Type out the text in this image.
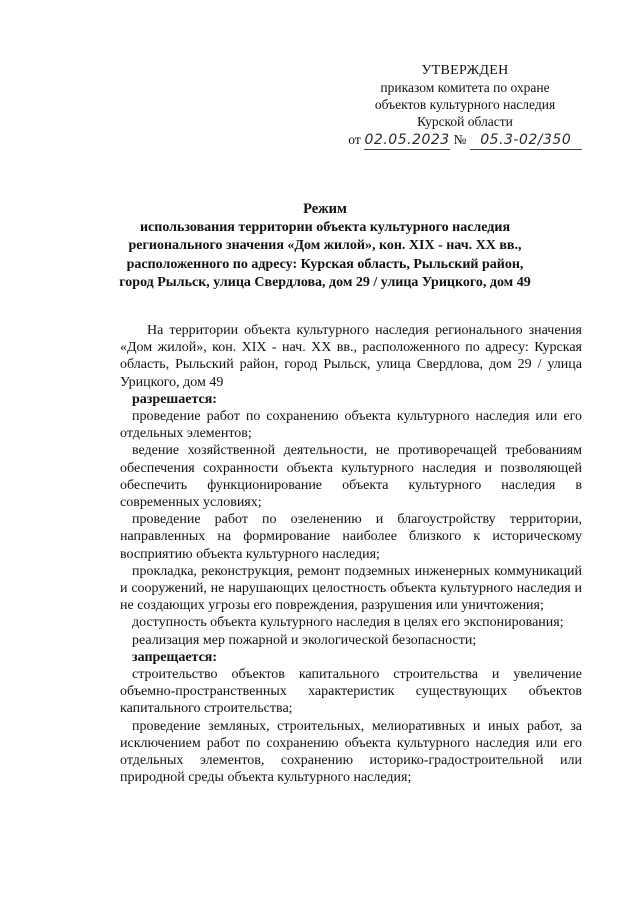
УТВЕРЖДЕН
приказом комитета по охране
объектов культурного наследия
Курской области
от 02.05.2023 № 05.3-02/350
Режим
использования территории объекта культурного наследия
регионального значения «Дом жилой», кон. XIX - нач. XX вв.,
расположенного по адресу: Курская область, Рыльский район,
город Рыльск, улица Свердлова, дом 29 / улица Урицкого, дом 49

На территории объекта культурного наследия регионального значения «Дом жилой», кон. XIX - нач. XX вв., расположенного по адресу: Курская область, Рыльский район, город Рыльск, улица Свердлова, дом 29 / улица Урицкого, дом 49

разрешается:

проведение работ по сохранению объекта культурного наследия или его отдельных элементов;

ведение хозяйственной деятельности, не противоречащей требованиям обеспечения сохранности объекта культурного наследия и позволяющей обеспечить функционирование объекта культурного наследия в современных условиях;

проведение работ по озеленению и благоустройству территории, направленных на формирование наиболее близкого к историческому восприятию объекта культурного наследия;

прокладка, реконструкция, ремонт подземных инженерных коммуникаций и сооружений, не нарушающих целостность объекта культурного наследия и не создающих угрозы его повреждения, разрушения или уничтожения;

доступность объекта культурного наследия в целях его экспонирования;

реализация мер пожарной и экологической безопасности;

запрещается:

строительство объектов капитального строительства и увеличение объемно-пространственных характеристик существующих объектов капитального строительства;

проведение земляных, строительных, мелиоративных и иных работ, за исключением работ по сохранению объекта культурного наследия или его отдельных элементов, сохранению историко-градостроительной или природной среды объекта культурного наследия;
